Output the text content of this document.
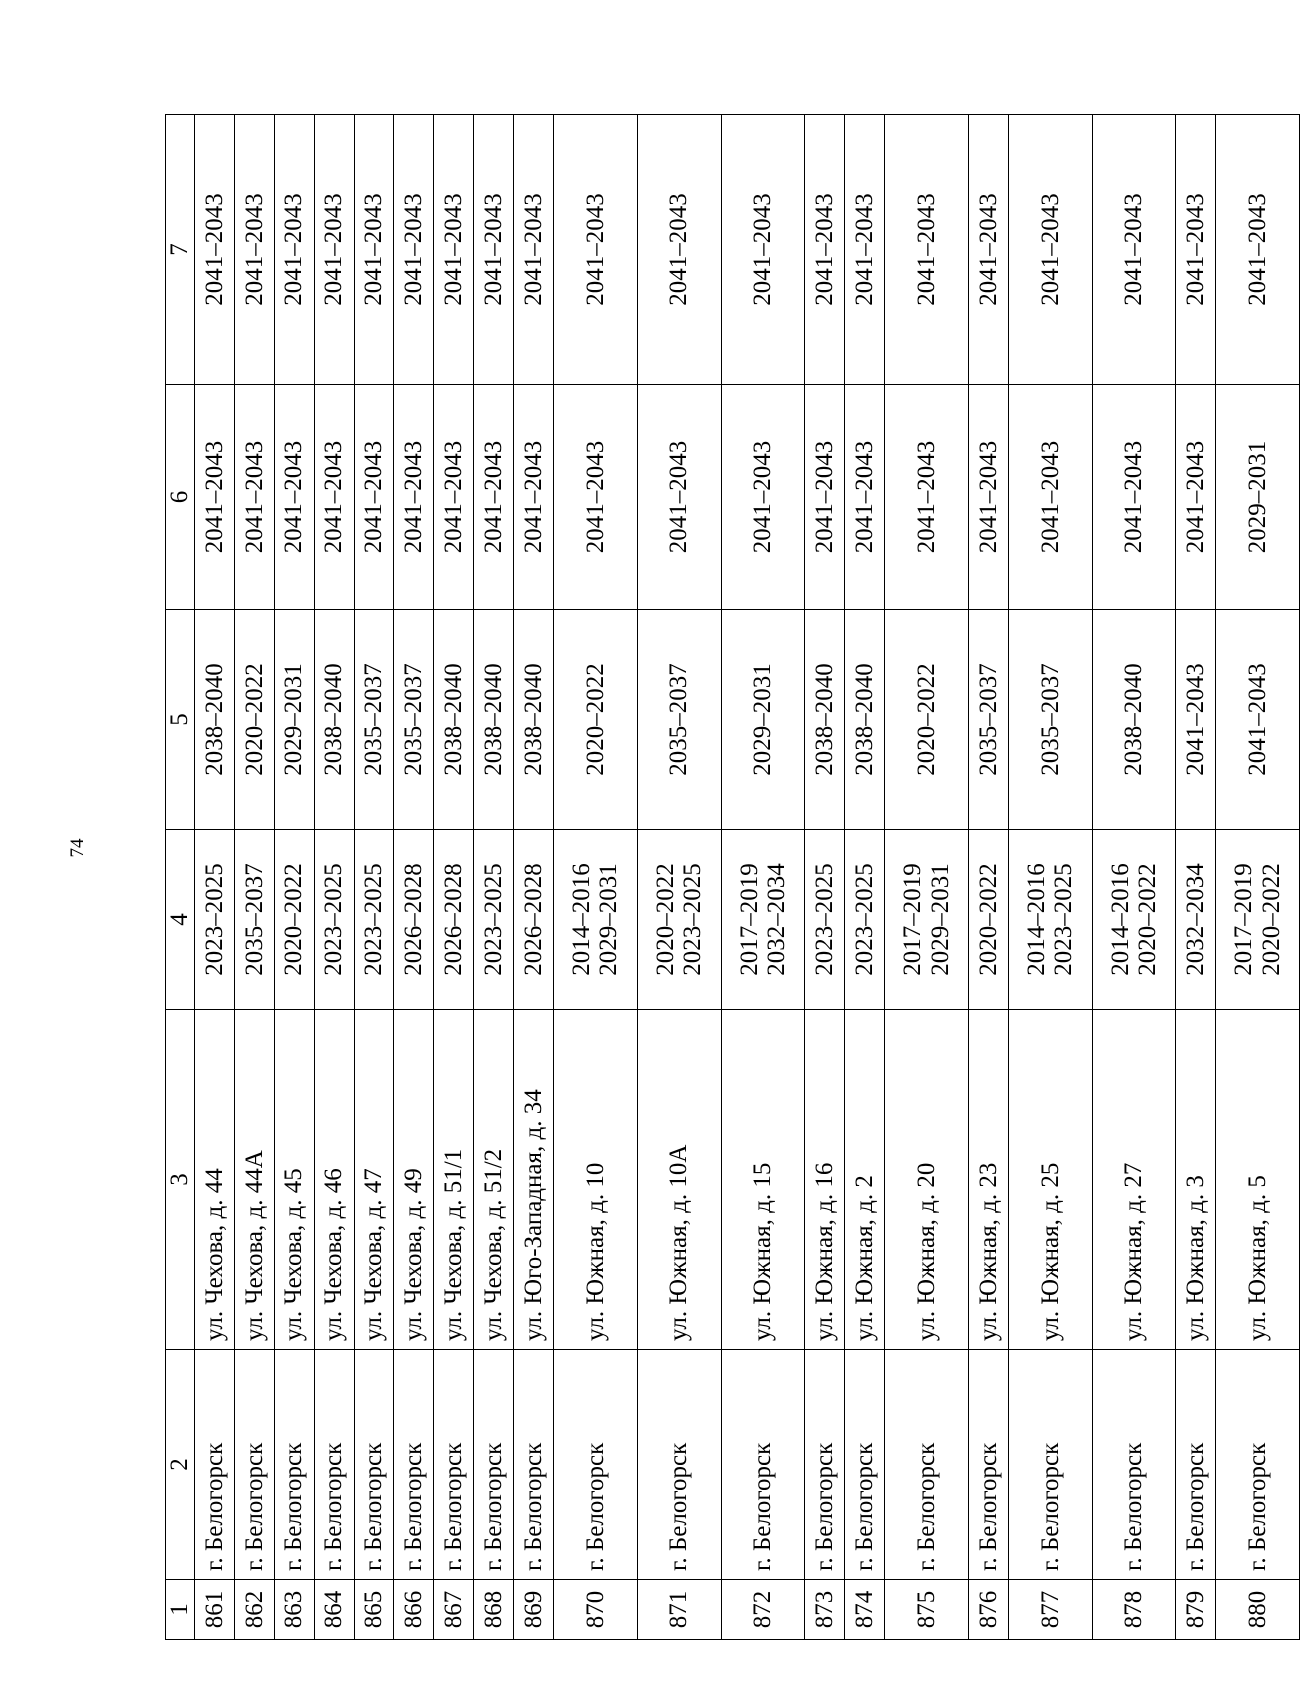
74
1	2	3	4	5	6	7
861	г. Белогорск	ул. Чехова, д. 44	2023–2025	2038–2040	2041–2043	2041–2043
862	г. Белогорск	ул. Чехова, д. 44А	2035–2037	2020–2022	2041–2043	2041–2043
863	г. Белогорск	ул. Чехова, д. 45	2020–2022	2029–2031	2041–2043	2041–2043
864	г. Белогорск	ул. Чехова, д. 46	2023–2025	2038–2040	2041–2043	2041–2043
865	г. Белогорск	ул. Чехова, д. 47	2023–2025	2035–2037	2041–2043	2041–2043
866	г. Белогорск	ул. Чехова, д. 49	2026–2028	2035–2037	2041–2043	2041–2043
867	г. Белогорск	ул. Чехова, д. 51/1	2026–2028	2038–2040	2041–2043	2041–2043
868	г. Белогорск	ул. Чехова, д. 51/2	2023–2025	2038–2040	2041–2043	2041–2043
869	г. Белогорск	ул. Юго-Западная, д. 34	2026–2028	2038–2040	2041–2043	2041–2043
870	г. Белогорск	ул. Южная, д. 10	2014–2016 2029–2031	2020–2022	2041–2043	2041–2043
871	г. Белогорск	ул. Южная, д. 10А	2020–2022 2023–2025	2035–2037	2041–2043	2041–2043
872	г. Белогорск	ул. Южная, д. 15	2017–2019 2032–2034	2029–2031	2041–2043	2041–2043
873	г. Белогорск	ул. Южная, д. 16	2023–2025	2038–2040	2041–2043	2041–2043
874	г. Белогорск	ул. Южная, д. 2	2023–2025	2038–2040	2041–2043	2041–2043
875	г. Белогорск	ул. Южная, д. 20	2017–2019 2029–2031	2020–2022	2041–2043	2041–2043
876	г. Белогорск	ул. Южная, д. 23	2020–2022	2035–2037	2041–2043	2041–2043
877	г. Белогорск	ул. Южная, д. 25	2014–2016 2023–2025	2035–2037	2041–2043	2041–2043
878	г. Белогорск	ул. Южная, д. 27	2014–2016 2020–2022	2038–2040	2041–2043	2041–2043
879	г. Белогорск	ул. Южная, д. 3	2032–2034	2041–2043	2041–2043	2041–2043
880	г. Белогорск	ул. Южная, д. 5	2017–2019 2020–2022	2041–2043	2029–2031	2041–2043
